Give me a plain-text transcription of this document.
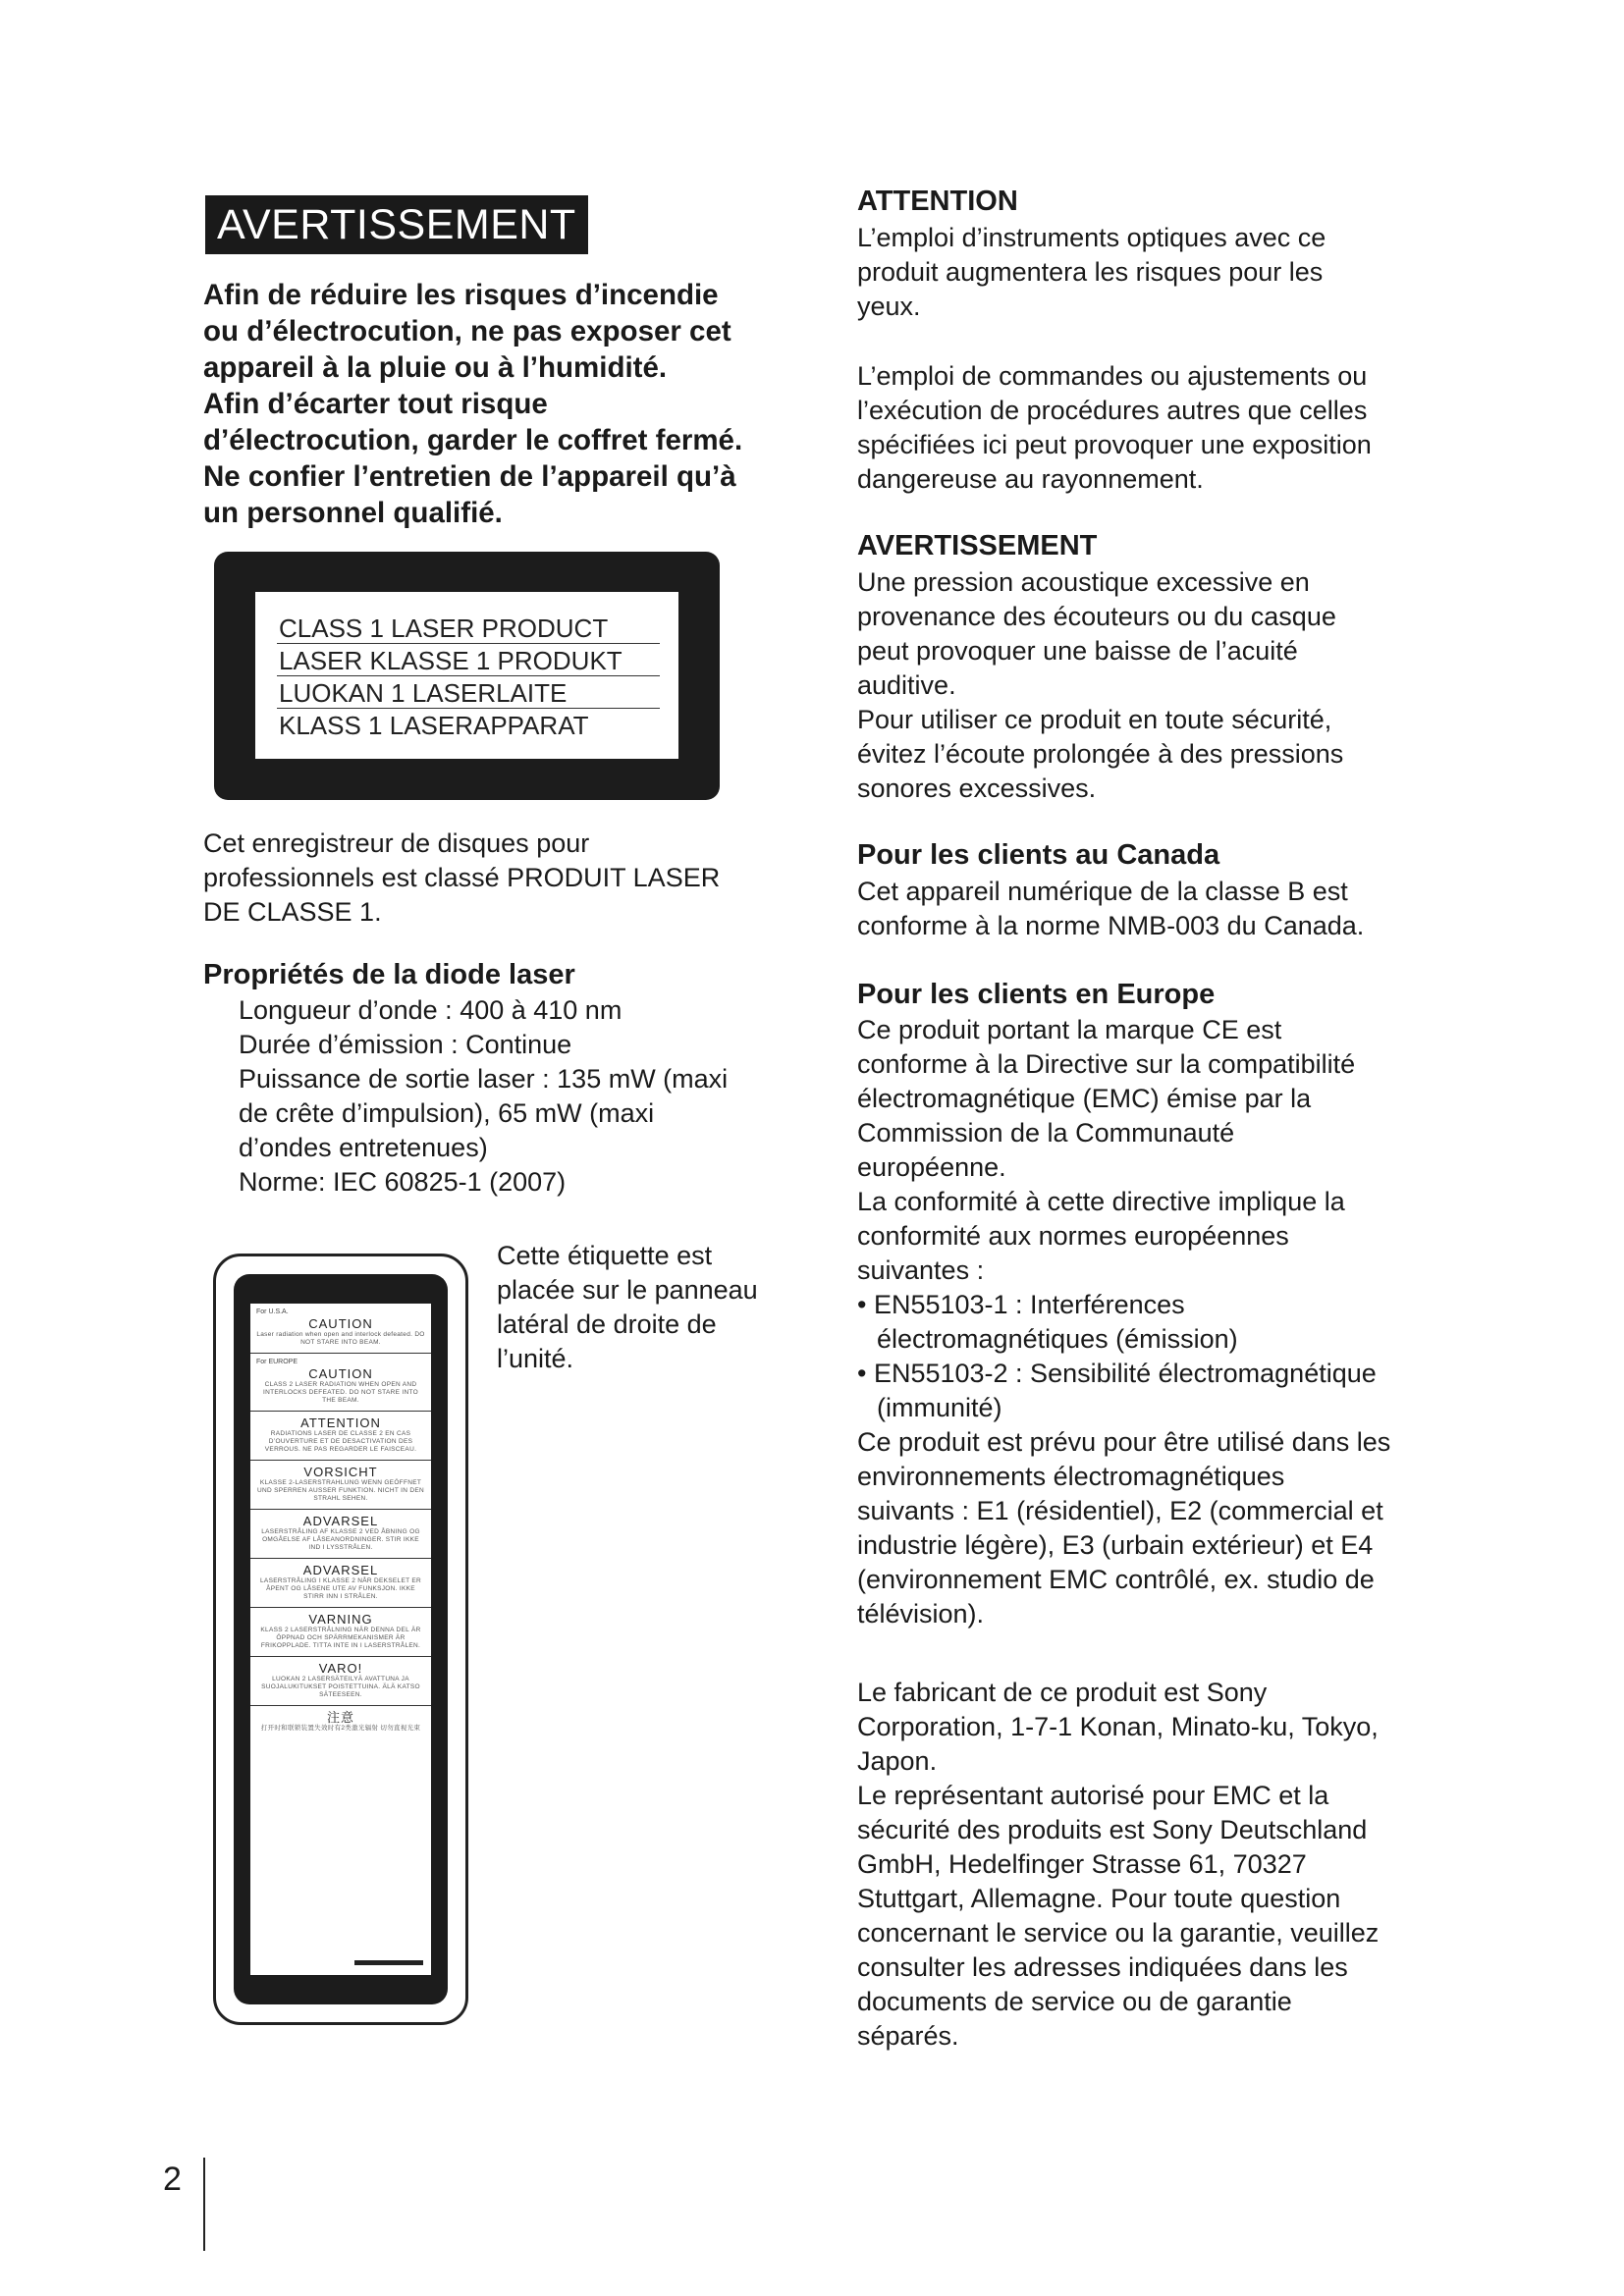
AVERTISSEMENT

Afin de réduire les risques d’incendie

ou d’électrocution, ne pas exposer cet

appareil à la pluie ou à l’humidité.

Afin d’écarter tout risque

d’électrocution, garder le coffret fermé.

Ne confier l’entretien de l’appareil qu’à

un personnel qualifié.

CLASS 1 LASER PRODUCT
LASER KLASSE 1 PRODUKT
LUOKAN 1 LASERLAITE
KLASS 1 LASERAPPARAT

Cet enregistreur de disques pour

professionnels est classé PRODUIT LASER

DE CLASSE 1.

Propriétés de la diode laser

Longueur d’onde : 400 à 410 nm

Durée d’émission : Continue

Puissance de sortie laser : 135 mW (maxi

de crête d’impulsion), 65 mW (maxi

d’ondes entretenues)

Norme: IEC 60825-1 (2007)

For U.S.A.
CAUTION
Laser radiation when open and interlock defeated. DO NOT STARE INTO BEAM.
For EUROPE
CAUTION
CLASS 2 LASER RADIATION WHEN OPEN AND INTERLOCKS DEFEATED. DO NOT STARE INTO THE BEAM.
ATTENTION
RADIATIONS LASER DE CLASSE 2 EN CAS D’OUVERTURE ET DE DESACTIVATION DES VERROUS. NE PAS REGARDER LE FAISCEAU.
VORSICHT
KLASSE 2-LASERSTRAHLUNG WENN GEÖFFNET UND SPERREN AUSSER FUNKTION. NICHT IN DEN STRAHL SEHEN.
ADVARSEL
LASERSTRÅLING AF KLASSE 2 VED ÅBNING OG OMGÅELSE AF LÅSEANORDNINGER. STIR IKKE IND I LYSSTRÅLEN.
ADVARSEL
LASERSTRÅLING I KLASSE 2 NÅR DEKSELET ER ÅPENT OG LÅSENE UTE AV FUNKSJON. IKKE STIRR INN I STRÅLEN.
VARNING
KLASS 2 LASERSTRÅLNING NÄR DENNA DEL ÄR ÖPPNAD OCH SPÄRRMEKANISMER ÄR FRIKOPPLADE. TITTA INTE IN I LASERSTRÅLEN.
VARO!
LUOKAN 2 LASERSÄTEILYÄ AVATTUNA JA SUOJALUKITUKSET POISTETTUINA. ÄLÄ KATSO SÄTEESEEN.
注意
打开时和联锁装置失效时有2类激光辐射 切勿直视光束

Cette étiquette est

placée sur le panneau

latéral de droite de

l’unité.

ATTENTION

L’emploi d’instruments optiques avec ce

produit augmentera les risques pour les

yeux.

L’emploi de commandes ou ajustements ou

l’exécution de procédures autres que celles

spécifiées ici peut provoquer une exposition

dangereuse au rayonnement.

AVERTISSEMENT

Une pression acoustique excessive en

provenance des écouteurs ou du casque

peut provoquer une baisse de l’acuité

auditive.

Pour utiliser ce produit en toute sécurité,

évitez l’écoute prolongée à des pressions

sonores excessives.

Pour les clients au Canada

Cet appareil numérique de la classe B est

conforme à la norme NMB-003 du Canada.

Pour les clients en Europe

Ce produit portant la marque CE est

conforme à la Directive sur la compatibilité

électromagnétique (EMC) émise par la

Commission de la Communauté

européenne.

La conformité à cette directive implique la

conformité aux normes européennes

suivantes :

• EN55103-1 : Interférences

électromagnétiques (émission)

• EN55103-2 : Sensibilité électromagnétique

(immunité)

Ce produit est prévu pour être utilisé dans les

environnements électromagnétiques

suivants : E1 (résidentiel), E2 (commercial et

industrie légère), E3 (urbain extérieur) et E4

(environnement EMC contrôlé, ex. studio de

télévision).

Le fabricant de ce produit est Sony

Corporation, 1-7-1 Konan, Minato-ku, Tokyo,

Japon.

Le représentant autorisé pour EMC et la

sécurité des produits est Sony Deutschland

GmbH, Hedelfinger Strasse 61, 70327

Stuttgart, Allemagne. Pour toute question

concernant le service ou la garantie, veuillez

consulter les adresses indiquées dans les

documents de service ou de garantie

séparés.

2
